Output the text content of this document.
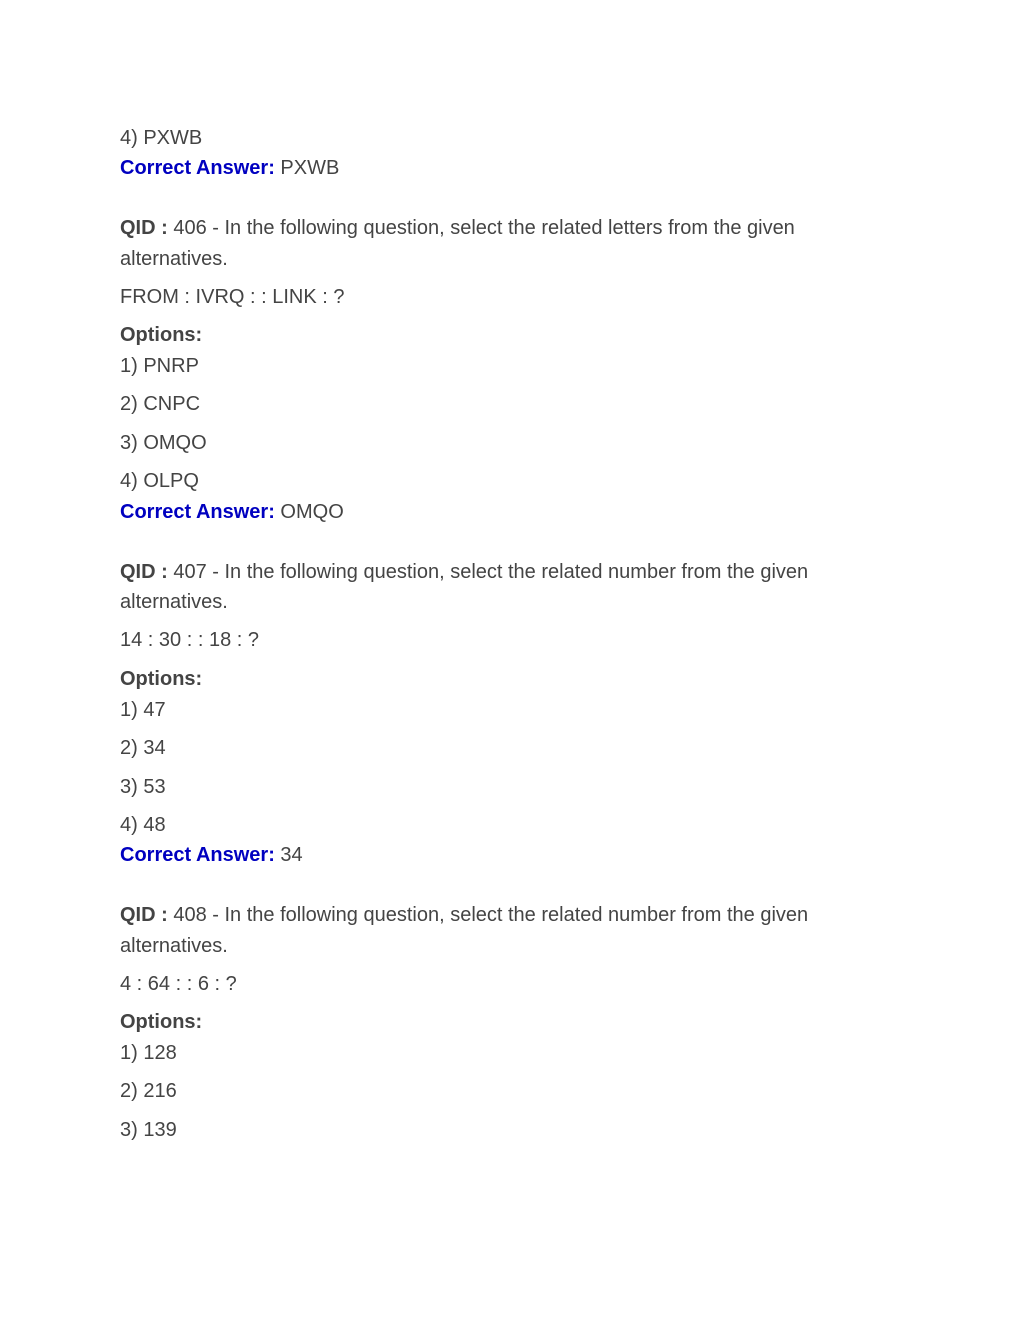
4) PXWB
Correct Answer: PXWB
QID : 406 - In the following question, select the related letters from the given
alternatives.
FROM : IVRQ : : LINK : ?
Options:
1) PNRP
2) CNPC
3) OMQO
4) OLPQ
Correct Answer: OMQO
QID : 407 - In the following question, select the related number from the given
alternatives.
14 : 30 : : 18 : ?
Options:
1) 47
2) 34
3) 53
4) 48
Correct Answer: 34
QID : 408 - In the following question, select the related number from the given
alternatives.
4 : 64 : : 6 : ?
Options:
1) 128
2) 216
3) 139
